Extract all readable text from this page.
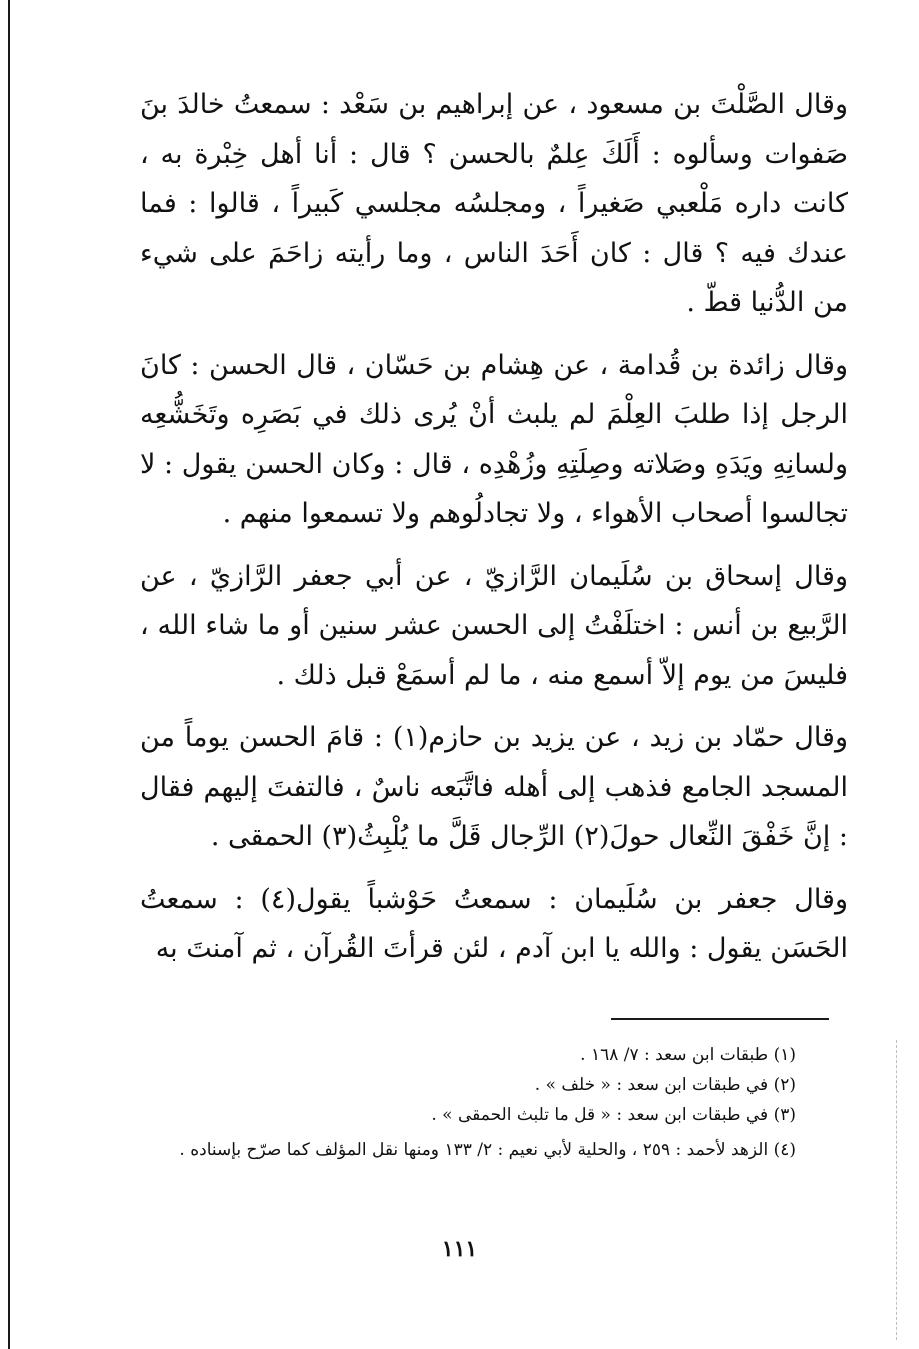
وقال الصَّلْتَ بن مسعود ، عن إبراهيم بن سَعْد : سمعتُ خالدَ بنَ صَفوات وسألوه : أَلَكَ عِلمٌ بالحسن ؟ قال : أنا أهل خِبْرة به ، كانت داره مَلْعبي صَغيراً ، ومجلسُه مجلسي كَبيراً ، قالوا : فما عندك فيه ؟ قال : كان أَحَدَ الناس ، وما رأيته زاحَمَ على شيء من الدُّنيا قطّ .

وقال زائدة بن قُدامة ، عن هِشام بن حَسّان ، قال الحسن : كانَ الرجل إذا طلبَ العِلْمَ لم يلبث أنْ يُرى ذلك في بَصَرِه وتَخَشُّعِه ولسانِهِ ويَدَهِ وصَلاته وصِلَتِهِ وزُهْدِه ، قال : وكان الحسن يقول : لا تجالسوا أصحاب الأهواء ، ولا تجادلُوهم ولا تسمعوا منهم .

وقال إسحاق بن سُلَيمان الرَّازيّ ، عن أبي جعفر الرَّازيّ ، عن الرَّبيع بن أنس : اختلَفْتُ إلى الحسن عشر سنين أو ما شاء الله ، فليسَ من يوم إلاّ أسمع منه ، ما لم أسمَعْ قبل ذلك .

وقال حمّاد بن زيد ، عن يزيد بن حازم(١) : قامَ الحسن يوماً من المسجد الجامع فذهب إلى أهله فاتَّبَعه ناسٌ ، فالتفتَ إليهم فقال : إنَّ خَفْقَ النِّعال حولَ(٢) الرِّجال قَلَّ ما يُلْبِثُ(٣) الحمقى .

وقال جعفر بن سُلَيمان : سمعتُ حَوْشباً يقول(٤) : سمعتُ الحَسَن يقول : والله يا ابن آدم ، لئن قرأتَ القُرآن ، ثم آمنتَ به

(١) طبقات ابن سعد : ٧/ ١٦٨ .

(٢) في طبقات ابن سعد : « خلف » .

(٣) في طبقات ابن سعد : « قل ما تلبث الحمقى » .

(٤) الزهد لأحمد : ٢٥٩ ، والحلية لأبي نعيم : ٢/ ١٣٣ ومنها نقل المؤلف كما صرّح بإسناده .

١١١
